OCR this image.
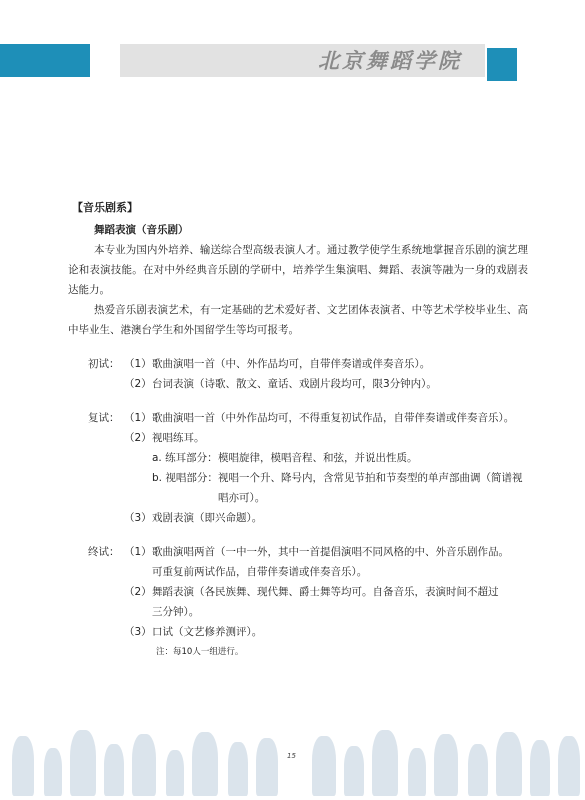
北京舞蹈学院
【音乐剧系】
舞蹈表演（音乐剧）
本专业为国内外培养、输送综合型高级表演人才。通过教学使学生系统地掌握音乐剧的演艺理论和表演技能。在对中外经典音乐剧的学研中，培养学生集演唱、舞蹈、表演等融为一身的戏剧表达能力。
热爱音乐剧表演艺术，有一定基础的艺术爱好者、文艺团体表演者、中等艺术学校毕业生、高中毕业生、港澳台学生和外国留学生等均可报考。
初试： （1） 歌曲演唱一首（中、外作品均可，自带伴奏谱或伴奏音乐）。
（2） 台词表演（诗歌、散文、童话、戏剧片段均可，限3分钟内）。
复试： （1） 歌曲演唱一首（中外作品均可，不得重复初试作品，自带伴奏谱或伴奏音乐）。
（2） 视唱练耳。
a. 练耳部分： 模唱旋律，模唱音程、和弦，并说出性质。
b. 视唱部分： 视唱一个升、降号内，含常见节拍和节奏型的单声部曲调（简谱视唱亦可）。
（3） 戏剧表演（即兴命题）。
终试： （1） 歌曲演唱两首（一中一外，其中一首提倡演唱不同风格的中、外音乐剧作品。
可重复前两试作品，自带伴奏谱或伴奏音乐）。
（2） 舞蹈表演（各民族舞、现代舞、爵士舞等均可。自备音乐，表演时间不超过
三分钟）。
（3） 口试（文艺修养测评）。
注：每10人一组进行。
15
